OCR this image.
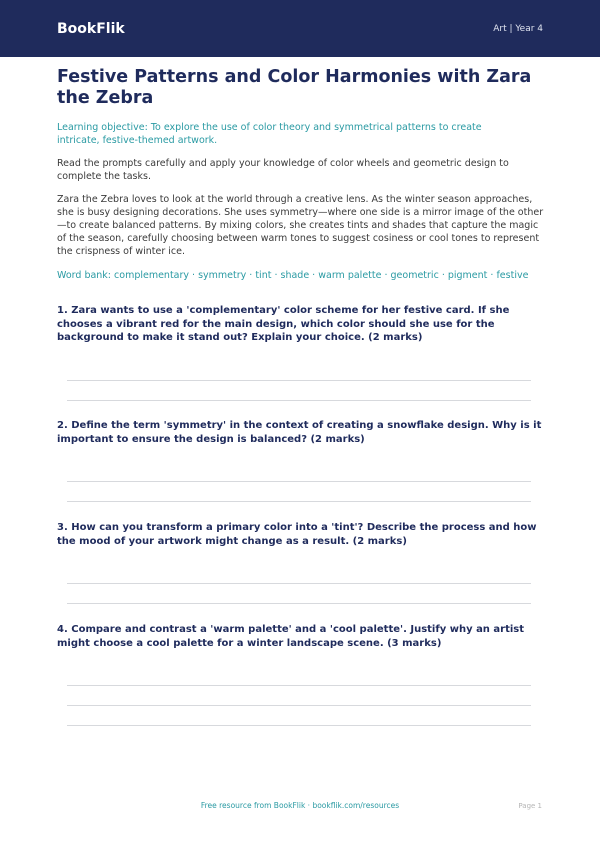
BookFlik	Art | Year 4
Festive Patterns and Color Harmonies with Zara the Zebra
Learning objective: To explore the use of color theory and symmetrical patterns to create intricate, festive-themed artwork.
Read the prompts carefully and apply your knowledge of color wheels and geometric design to complete the tasks.
Zara the Zebra loves to look at the world through a creative lens. As the winter season approaches, she is busy designing decorations. She uses symmetry—where one side is a mirror image of the other—to create balanced patterns. By mixing colors, she creates tints and shades that capture the magic of the season, carefully choosing between warm tones to suggest cosiness or cool tones to represent the crispness of winter ice.
Word bank: complementary · symmetry · tint · shade · warm palette · geometric · pigment · festive
1. Zara wants to use a 'complementary' color scheme for her festive card. If she chooses a vibrant red for the main design, which color should she use for the background to make it stand out? Explain your choice. (2 marks)
2. Define the term 'symmetry' in the context of creating a snowflake design. Why is it important to ensure the design is balanced? (2 marks)
3. How can you transform a primary color into a 'tint'? Describe the process and how the mood of your artwork might change as a result. (2 marks)
4. Compare and contrast a 'warm palette' and a 'cool palette'. Justify why an artist might choose a cool palette for a winter landscape scene. (3 marks)
Free resource from BookFlik · bookflik.com/resources	Page 1
